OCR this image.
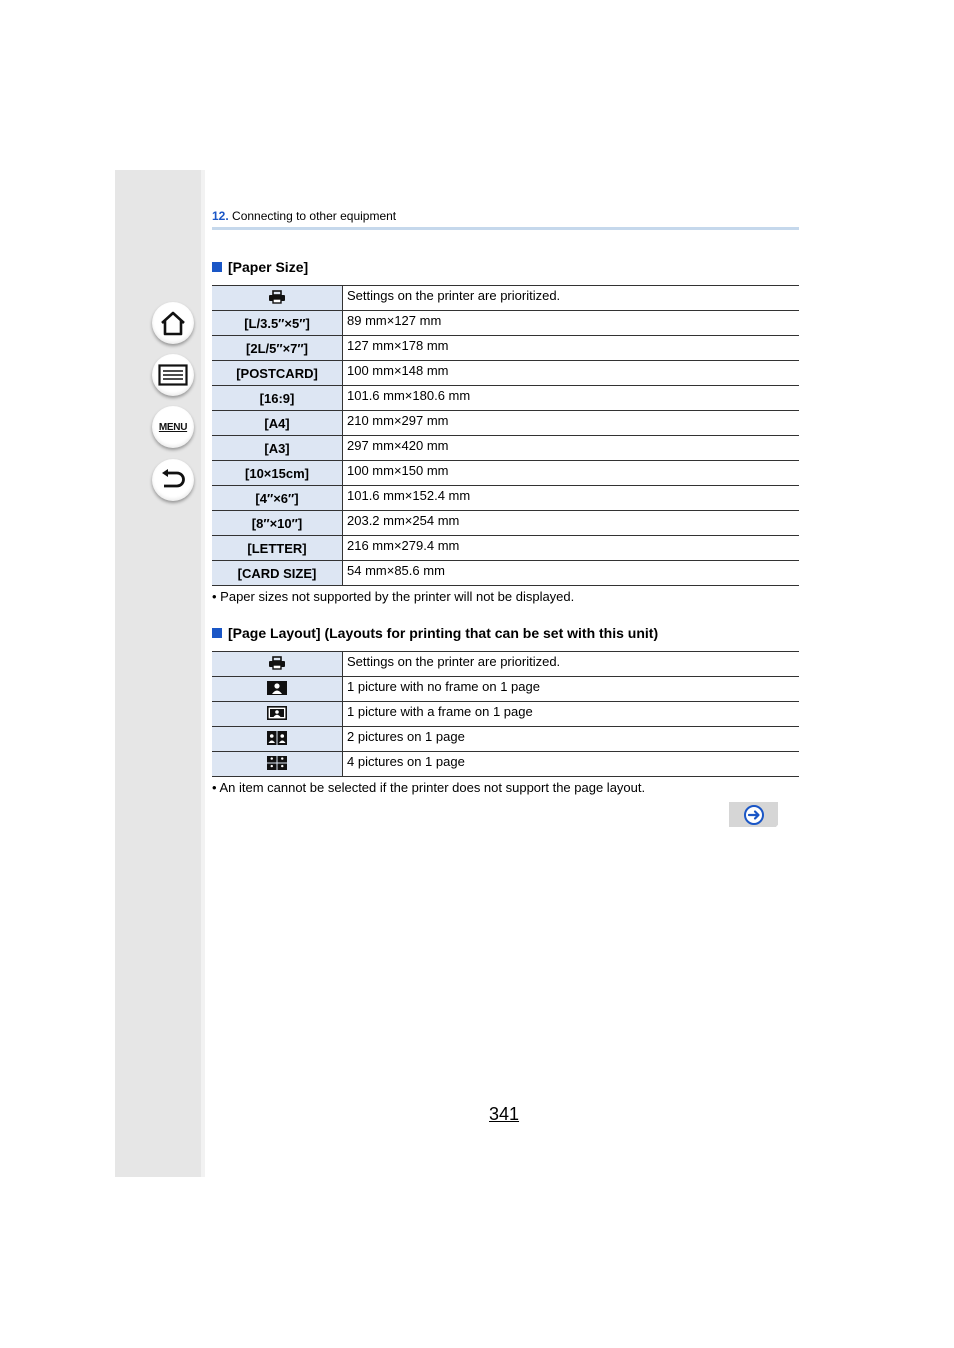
MENU
12. Connecting to other equipment
[Paper Size]
	Settings on the printer are prioritized.
[L/3.5″×5″]	89 mm×127 mm
[2L/5″×7″]	127 mm×178 mm
[POSTCARD]	100 mm×148 mm
[16:9]	101.6 mm×180.6 mm
[A4]	210 mm×297 mm
[A3]	297 mm×420 mm
[10×15cm]	100 mm×150 mm
[4″×6″]	101.6 mm×152.4 mm
[8″×10″]	203.2 mm×254 mm
[LETTER]	216 mm×279.4 mm
[CARD SIZE]	54 mm×85.6 mm
• Paper sizes not supported by the printer will not be displayed.
[Page Layout] (Layouts for printing that can be set with this unit)
	Settings on the printer are prioritized.
	1 picture with no frame on 1 page
	1 picture with a frame on 1 page
	2 pictures on 1 page
	4 pictures on 1 page
• An item cannot be selected if the printer does not support the page layout.
341
